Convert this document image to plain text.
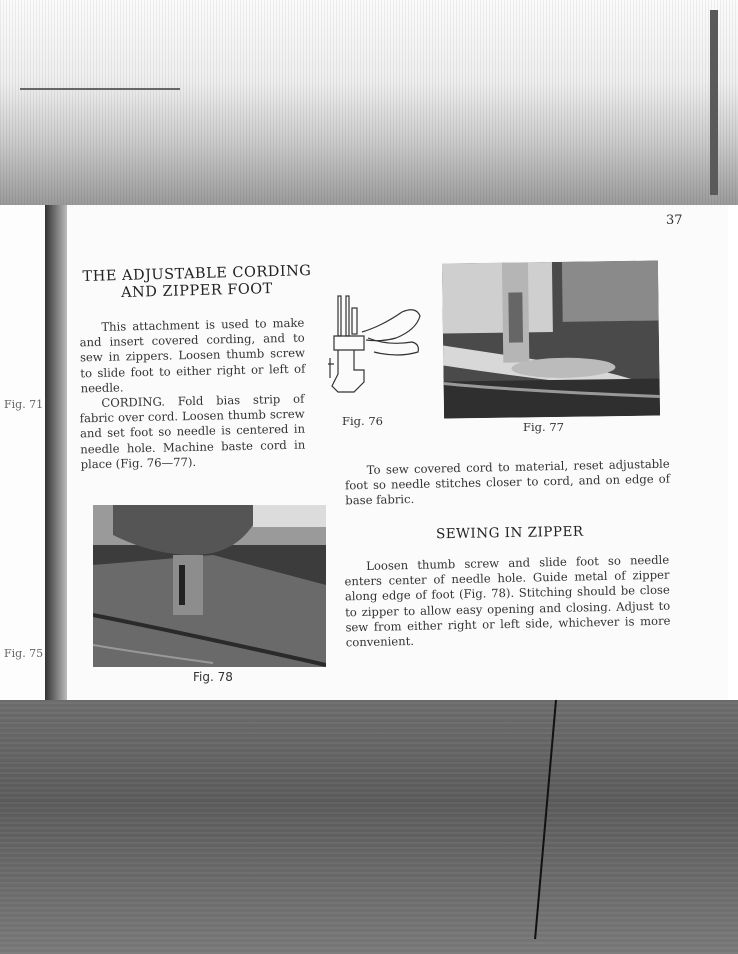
Fig. 71
Fig. 75
37
THE ADJUSTABLE CORDING
AND ZIPPER FOOT
This attachment is used to make and insert covered cording, and to sew in zippers. Loosen thumb screw to slide foot to either right or left of needle.
CORDING. Fold bias strip of fabric over cord. Loosen thumb screw and set foot so needle is centered in needle hole. Machine baste cord in place (Fig. 76—77).
Fig. 76	Fig. 77
Fig. 78
To sew covered cord to material, reset adjustable foot so needle stitches closer to cord, and on edge of base fabric.
SEWING IN ZIPPER
Loosen thumb screw and slide foot so needle enters center of needle hole. Guide metal of zipper along edge of foot (Fig. 78). Stitching should be close to zipper to allow easy opening and closing. Adjust to sew from either right or left side, whichever is more convenient.
